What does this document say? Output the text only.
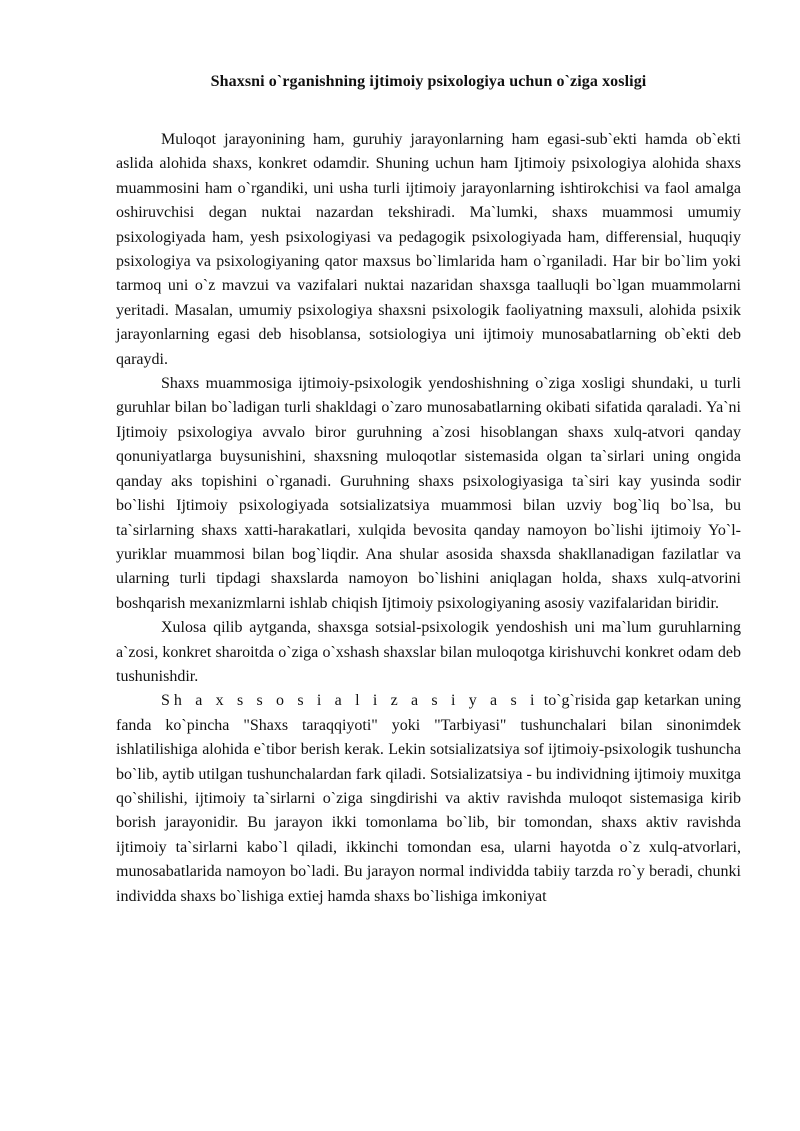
Shaxsni o`rganishning ijtimoiy psixologiya uchun o`ziga xosligi

Muloqot jarayonining ham, guruhiy jarayonlarning ham egasi-sub`ekti hamda ob`ekti aslida alohida shaxs, konkret odamdir. Shuning uchun ham Ijtimoiy psixologiya alohida shaxs muammosini ham o`rgandiki, uni usha turli ijtimoiy jarayonlarning ishtirokchisi va faol amalga oshiruvchisi degan nuktai nazardan tekshiradi. Ma`lumki, shaxs muammosi umumiy psixologiyada ham, yesh psixologiyasi va pedagogik psixologiyada ham, differensial, huquqiy psixologiya va psixologiyaning qator maxsus bo`limlarida ham o`rganiladi. Har bir bo`lim yoki tarmoq uni o`z mavzui va vazifalari nuktai nazaridan shaxsga taalluqli bo`lgan muammolarni yeritadi. Masalan, umumiy psixologiya shaxsni psixologik faoliyatning maxsuli, alohida psixik jarayonlarning egasi deb hisoblansa, sotsiologiya uni ijtimoiy munosabatlarning ob`ekti deb qaraydi.

Shaxs muammosiga ijtimoiy-psixologik yendoshishning o`ziga xosligi shundaki, u turli guruhlar bilan bo`ladigan turli shakldagi o`zaro munosabatlarning okibati sifatida qaraladi. Ya`ni Ijtimoiy psixologiya avvalo biror guruhning a`zosi hisoblangan shaxs xulq-atvori qanday qonuniyatlarga buysunishini, shaxsning muloqotlar sistemasida olgan ta`sirlari uning ongida qanday aks topishini o`rganadi. Guruhning shaxs psixologiyasiga ta`siri kay yusinda sodir bo`lishi Ijtimoiy psixologiyada sotsializatsiya muammosi bilan uzviy bog`liq bo`lsa, bu ta`sirlarning shaxs xatti-harakatlari, xulqida bevosita qanday namoyon bo`lishi ijtimoiy Yo`l-yuriklar muammosi bilan bog`liqdir. Ana shular asosida shaxsda shakllanadigan fazilatlar va ularning turli tipdagi shaxslarda namoyon bo`lishini aniqlagan holda, shaxs xulq-atvorini boshqarish mexanizmlarni ishlab chiqish Ijtimoiy psixologiyaning asosiy vazifalaridan biridir.

Xulosa qilib aytganda, shaxsga sotsial-psixologik yendoshish uni ma`lum guruhlarning a`zosi, konkret sharoitda o`ziga o`xshash shaxslar bilan muloqotga kirishuvchi konkret odam deb tushunishdir.

Sh a x s s o s i a l i z a s i y a s i to`g`risida gap ketarkan uning fanda ko`pincha "Shaxs taraqqiyoti" yoki "Tarbiyasi" tushunchalari bilan sinonimdek ishlatilishiga alohida e`tibor berish kerak. Lekin sotsializatsiya sof ijtimoiy-psixologik tushuncha bo`lib, aytib utilgan tushunchalardan fark qiladi. Sotsializatsiya - bu individning ijtimoiy muxitga qo`shilishi, ijtimoiy ta`sirlarni o`ziga singdirishi va aktiv ravishda muloqot sistemasiga kirib borish jarayonidir. Bu jarayon ikki tomonlama bo`lib, bir tomondan, shaxs aktiv ravishda ijtimoiy ta`sirlarni kabo`l qiladi, ikkinchi tomondan esa, ularni hayotda o`z xulq-atvorlari, munosabatlarida namoyon bo`ladi. Bu jarayon normal individda tabiiy tarzda ro`y beradi, chunki individda shaxs bo`lishiga extiej hamda shaxs bo`lishiga imkoniyat
